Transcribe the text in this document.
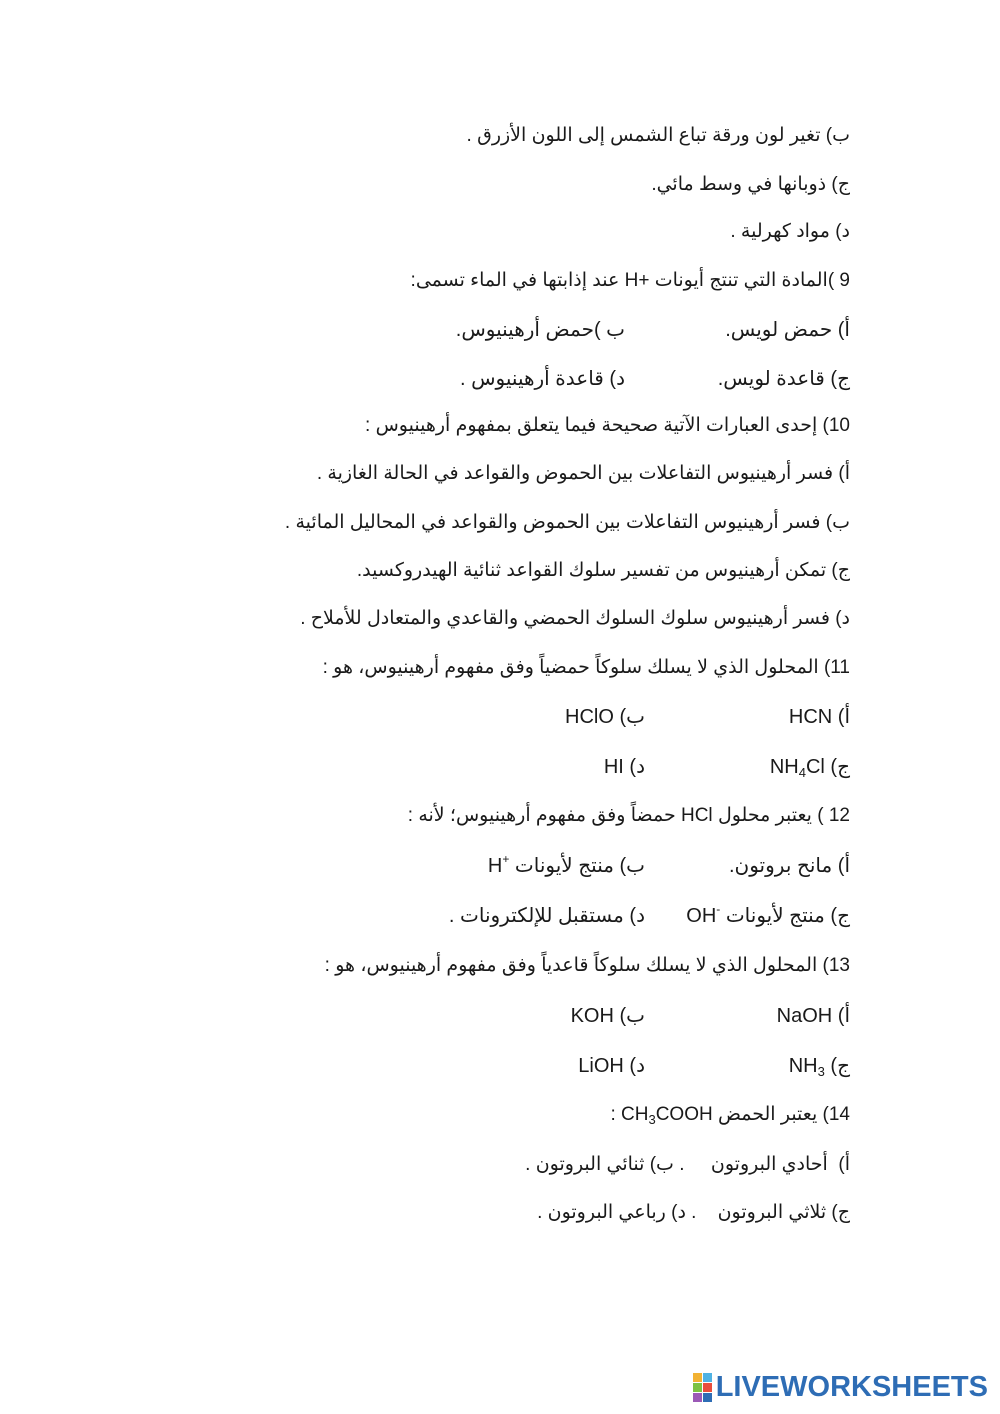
ب) تغير لون ورقة تباع الشمس إلى اللون الأزرق .
ج) ذوبانها في وسط مائي.
د) مواد كهرلية .
9 )المادة التي تنتج أيونات +H عند إذابتها في الماء تسمى:
أ) حمض لويس.
ب )حمض أرهينيوس.
ج) قاعدة لويس.
د) قاعدة أرهينيوس .
10) إحدى العبارات الآتية صحيحة فيما يتعلق بمفهوم أرهينيوس :
أ) فسر أرهينيوس التفاعلات بين الحموض والقواعد في الحالة الغازية .
ب) فسر أرهينيوس التفاعلات بين الحموض والقواعد في المحاليل المائية .
ج) تمكن أرهينيوس من تفسير سلوك القواعد ثنائية الهيدروكسيد.
د) فسر أرهينيوس سلوك السلوك الحمضي والقاعدي والمتعادل للأملاح .
11) المحلول الذي لا يسلك سلوكاً حمضياً وفق مفهوم أرهينيوس، هو :
أ) HCN
ب) HClO
ج) $NH_4Cl$
د) HI
12 ) يعتبر محلول HCl حمضاً وفق مفهوم أرهينيوس؛ لأنه :
أ) مانح بروتون.
ب) منتج لأيونات H+
ج) منتج لأيونات OH-
د) مستقبل للإلكترونات .
13) المحلول الذي لا يسلك سلوكاً قاعدياً وفق مفهوم أرهينيوس، هو :
أ) NaOH
ب) KOH
ج) $NH_3$
د) LiOH
14) يعتبر الحمض $CH_3COOH$ :
أ)  أحادي البروتون     . ب) ثنائي البروتون .
ج) ثلاثي البروتون    . د) رباعي البروتون .
LIVEWORKSHEETS
